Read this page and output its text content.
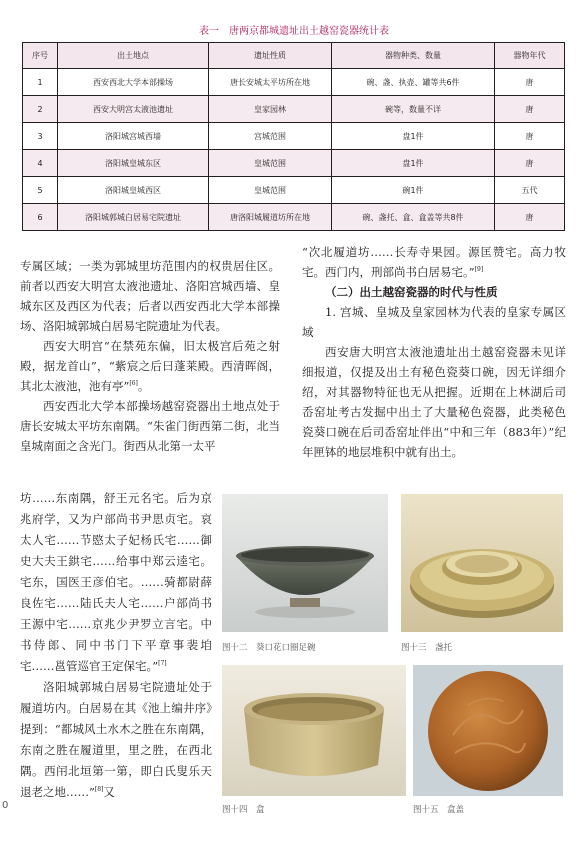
表一　唐两京都城遗址出土越窑瓷器统计表
序号	出土地点	遗址性质	器物种类、数量	器物年代
1	西安西北大学本部操场	唐长安城太平坊所在地	碗、盏、执壶、罐等共6件	唐
2	西安大明宫太液池遗址	皇家园林	碗等，数量不详	唐
3	洛阳城宫城西墙	宫城范围	盘1件	唐
4	洛阳城皇城东区	皇城范围	盘1件	唐
5	洛阳城皇城西区	皇城范围	碗1件	五代
6	洛阳城郭城白居易宅院遗址	唐洛阳城履道坊所在地	碗、盏托、盒、盒盖等共8件	唐

专属区域；一类为郭城里坊范围内的权贵居住区。前者以西安大明宫太液池遗址、洛阳宫城西墙、皇城东区及西区为代表；后者以西安西北大学本部操场、洛阳城郭城白居易宅院遗址为代表。

西安大明宫“在禁苑东偏，旧太极宫后苑之射殿，据龙首山”，“紫宸之后曰蓬莱殿。西清晖阁，其北太液池，池有亭”[6]。

西安西北大学本部操场越窑瓷器出土地点处于唐长安城太平坊东南隅。“朱雀门街西第二街，北当皇城南面之含光门。街西从北第一太平

坊……东南隅，舒王元名宅。后为京兆府学，又为户部尚书尹思贞宅。哀太人宅……节愍太子妃杨氏宅……御史大夫王鉷宅……给事中郑云逵宅。宅东，国医王彦伯宅。……骑都尉薛良佐宅……陆氏夫人宅……户部尚书王源中宅……京兆少尹罗立言宅。中书侍郎、同中书门下平章事裴垍宅……邕管巡官王定保宅。”[7]

洛阳城郭城白居易宅院遗址处于履道坊内。白居易在其《池上编井序》提到：“都城风土水木之胜在东南隅，东南之胜在履道里，里之胜，在西北隅。西闬北垣第一第，即白氏叟乐天退老之地……”[8]又

“次北履道坊……长寿寺果园。源匡赞宅。高力牧宅。西门内，刑部尚书白居易宅。”[9]

（二）出土越窑瓷器的时代与性质

1. 宫城、皇城及皇家园林为代表的皇家专属区域

西安唐大明宫太液池遗址出土越窑瓷器未见详细报道，仅提及出土有秘色瓷葵口碗，因无详细介绍，对其器物特征也无从把握。近期在上林湖后司岙窑址考古发掘中出土了大量秘色瓷器，此类秘色瓷葵口碗在后司岙窑址伴出“中和三年（883年）”纪年匣钵的地层堆积中就有出土。

图十二　葵口花口圈足碗	图十三　盏托
图十四　盒	图十五　盒盖
0
